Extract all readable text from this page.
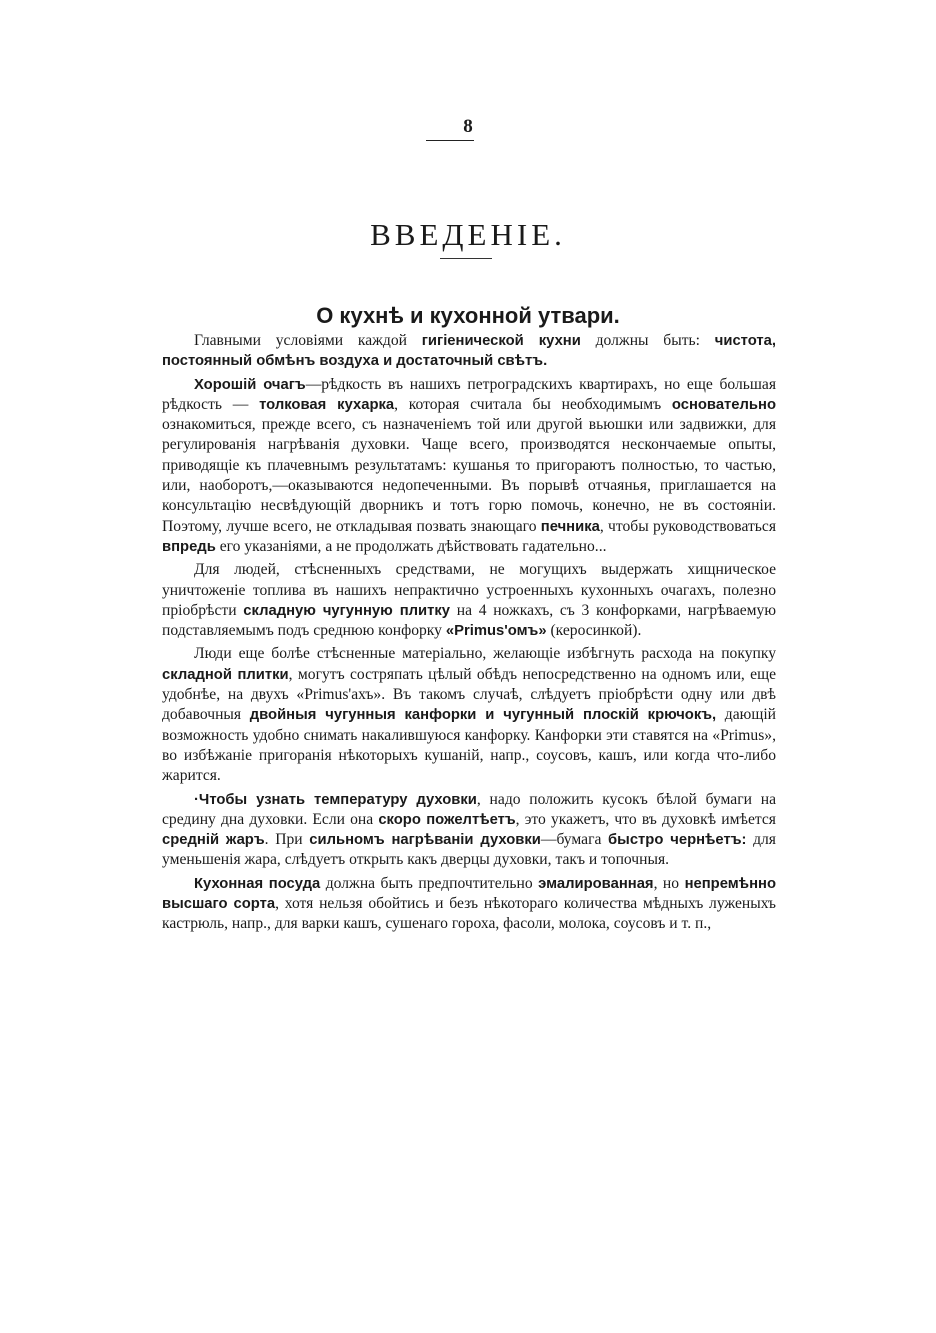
8
ВВЕДЕНІЕ.
О кухнѣ и кухонной утвари.

Главными условіями каждой гигіенической кухни должны быть: чистота, постоянный обмѣнъ воздуха и достаточный свѣтъ.

Хорошій очагъ—рѣдкость въ нашихъ петроградскихъ квартирахъ, но еще большая рѣдкость — толковая кухарка, которая считала бы необходимымъ основательно ознакомиться, прежде всего, съ назначеніемъ той или другой вьюшки или задвижки, для регулированія нагрѣванія духовки. Чаще всего, производятся нескончаемые опыты, приводящіе къ плачевнымъ результатамъ: кушанья то пригораютъ полностью, то частью, или, наоборотъ,—оказываются недопеченными. Въ порывѣ отчаянья, приглашается на консультацію несвѣдующій дворникъ и тотъ горю помочь, конечно, не въ состояніи. Поэтому, лучше всего, не откладывая позвать знающаго печника, чтобы руководствоваться впредь его указаніями, а не продолжать дѣйствовать гадательно...

Для людей, стѣсненныхъ средствами, не могущихъ выдержать хищническое уничтоженіе топлива въ нашихъ непрактично устроенныхъ кухонныхъ очагахъ, полезно пріобрѣсти складную чугунную плитку на 4 ножкахъ, съ 3 конфорками, нагрѣваемую подставляемымъ подъ среднюю конфорку «Primus'омъ» (керосинкой).

Люди еще болѣе стѣсненные матеріально, желающіе избѣгнуть расхода на покупку складной плитки, могутъ состряпать цѣлый обѣдъ непосредственно на одномъ или, еще удобнѣе, на двухъ «Primus'ахъ». Въ такомъ случаѣ, слѣдуетъ пріобрѣсти одну или двѣ добавочныя двойныя чугунныя канфорки и чугунный плоскій крючокъ, дающій возможность удобно снимать накалившуюся канфорку. Канфорки эти ставятся на «Primus», во избѣжаніе пригоранія нѣкоторыхъ кушаній, напр., соусовъ, кашъ, или когда что-либо жарится.

·Чтобы узнать температуру духовки, надо положить кусокъ бѣлой бумаги на средину дна духовки. Если она скоро пожелтѣетъ, это укажетъ, что въ духовкѣ имѣется средній жаръ. При сильномъ нагрѣваніи духовки—бумага быстро чернѣетъ: для уменьшенія жара, слѣдуетъ открыть какъ дверцы духовки, такъ и топочныя.

Кухонная посуда должна быть предпочтительно эмалированная, но непремѣнно высшаго сорта, хотя нельзя обойтись и безъ нѣкотораго количества мѣдныхъ луженыхъ кастрюль, напр., для варки кашъ, сушенаго гороха, фасоли, молока, соусовъ и т. п.,
